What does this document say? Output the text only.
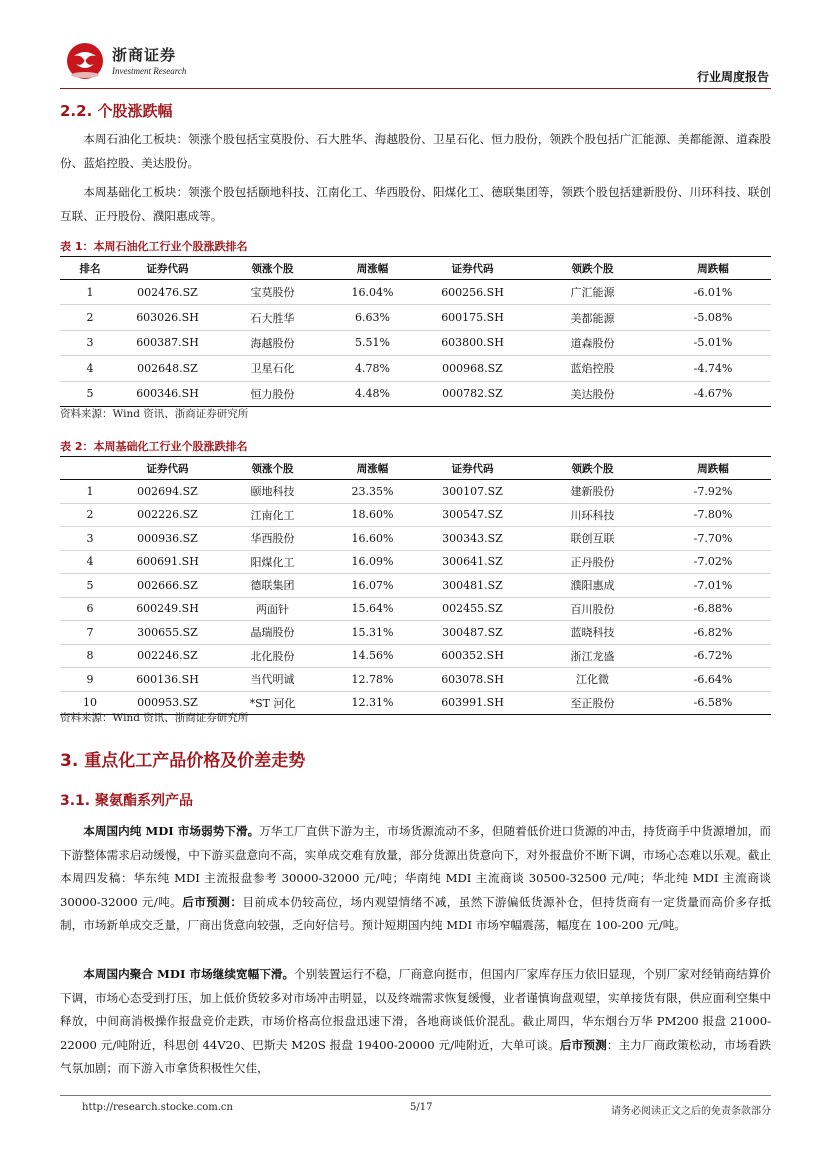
浙商证券
Investment Research	行业周度报告
2.2. 个股涨跌幅

本周石油化工板块：领涨个股包括宝莫股份、石大胜华、海越股份、卫星石化、恒力股份，领跌个股包括广汇能源、美都能源、道森股份、蓝焰控股、美达股份。

本周基础化工板块：领涨个股包括颐地科技、江南化工、华西股份、阳煤化工、德联集团等，领跌个股包括建新股份、川环科技、联创互联、正丹股份、濮阳惠成等。

表 1：本周石油化工行业个股涨跌排名
排名	证券代码	领涨个股	周涨幅	证券代码	领跌个股	周跌幅
1	002476.SZ	宝莫股份	16.04%	600256.SH	广汇能源	-6.01%
2	603026.SH	石大胜华	6.63%	600175.SH	美都能源	-5.08%
3	600387.SH	海越股份	5.51%	603800.SH	道森股份	-5.01%
4	002648.SZ	卫星石化	4.78%	000968.SZ	蓝焰控股	-4.74%
5	600346.SH	恒力股份	4.48%	000782.SZ	美达股份	-4.67%
资料来源：Wind 资讯、浙商证券研究所
表 2：本周基础化工行业个股涨跌排名
	证券代码	领涨个股	周涨幅	证券代码	领跌个股	周跌幅
1	002694.SZ	颐地科技	23.35%	300107.SZ	建新股份	-7.92%
2	002226.SZ	江南化工	18.60%	300547.SZ	川环科技	-7.80%
3	000936.SZ	华西股份	16.60%	300343.SZ	联创互联	-7.70%
4	600691.SH	阳煤化工	16.09%	300641.SZ	正丹股份	-7.02%
5	002666.SZ	德联集团	16.07%	300481.SZ	濮阳惠成	-7.01%
6	600249.SH	两面针	15.64%	002455.SZ	百川股份	-6.88%
7	300655.SZ	晶瑞股份	15.31%	300487.SZ	蓝晓科技	-6.82%
8	002246.SZ	北化股份	14.56%	600352.SH	浙江龙盛	-6.72%
9	600136.SH	当代明诚	12.78%	603078.SH	江化微	-6.64%
10	000953.SZ	*ST 河化	12.31%	603991.SH	至正股份	-6.58%
资料来源：Wind 资讯、浙商证券研究所
3. 重点化工产品价格及价差走势
3.1. 聚氨酯系列产品

本周国内纯 MDI 市场弱势下滑。万华工厂直供下游为主，市场货源流动不多，但随着低价进口货源的冲击，持货商手中货源增加，而下游整体需求启动缓慢，中下游买盘意向不高，实单成交难有放量，部分货源出货意向下，对外报盘价不断下调，市场心态难以乐观。截止本周四发稿：华东纯 MDI 主流报盘参考 30000-32000 元/吨；华南纯 MDI 主流商谈 30500-32500 元/吨；华北纯 MDI 主流商谈 30000-32000 元/吨。后市预测：目前成本仍较高位，场内观望情绪不减，虽然下游偏低货源补仓，但持货商有一定货量而高价多存抵制，市场新单成交乏量，厂商出货意向较强，乏向好信号。预计短期国内纯 MDI 市场窄幅震荡，幅度在 100-200 元/吨。

本周国内聚合 MDI 市场继续宽幅下滑。个别装置运行不稳，厂商意向挺市，但国内厂家库存压力依旧显现，个别厂家对经销商结算价下调，市场心态受到打压，加上低价货较多对市场冲击明显，以及终端需求恢复缓慢，业者谨慎询盘观望，实单接货有限，供应面利空集中释放，中间商消极操作报盘竞价走跌，市场价格高位报盘迅速下滑，各地商谈低价混乱。截止周四，华东烟台万华 PM200 报盘 21000-22000 元/吨附近，科思创 44V20、巴斯夫 M20S 报盘 19400-20000 元/吨附近，大单可谈。后市预测：主力厂商政策松动，市场看跌气氛加剧；而下游入市拿货积极性欠佳，

http://research.stocke.com.cn	5/17	请务必阅读正文之后的免责条款部分
